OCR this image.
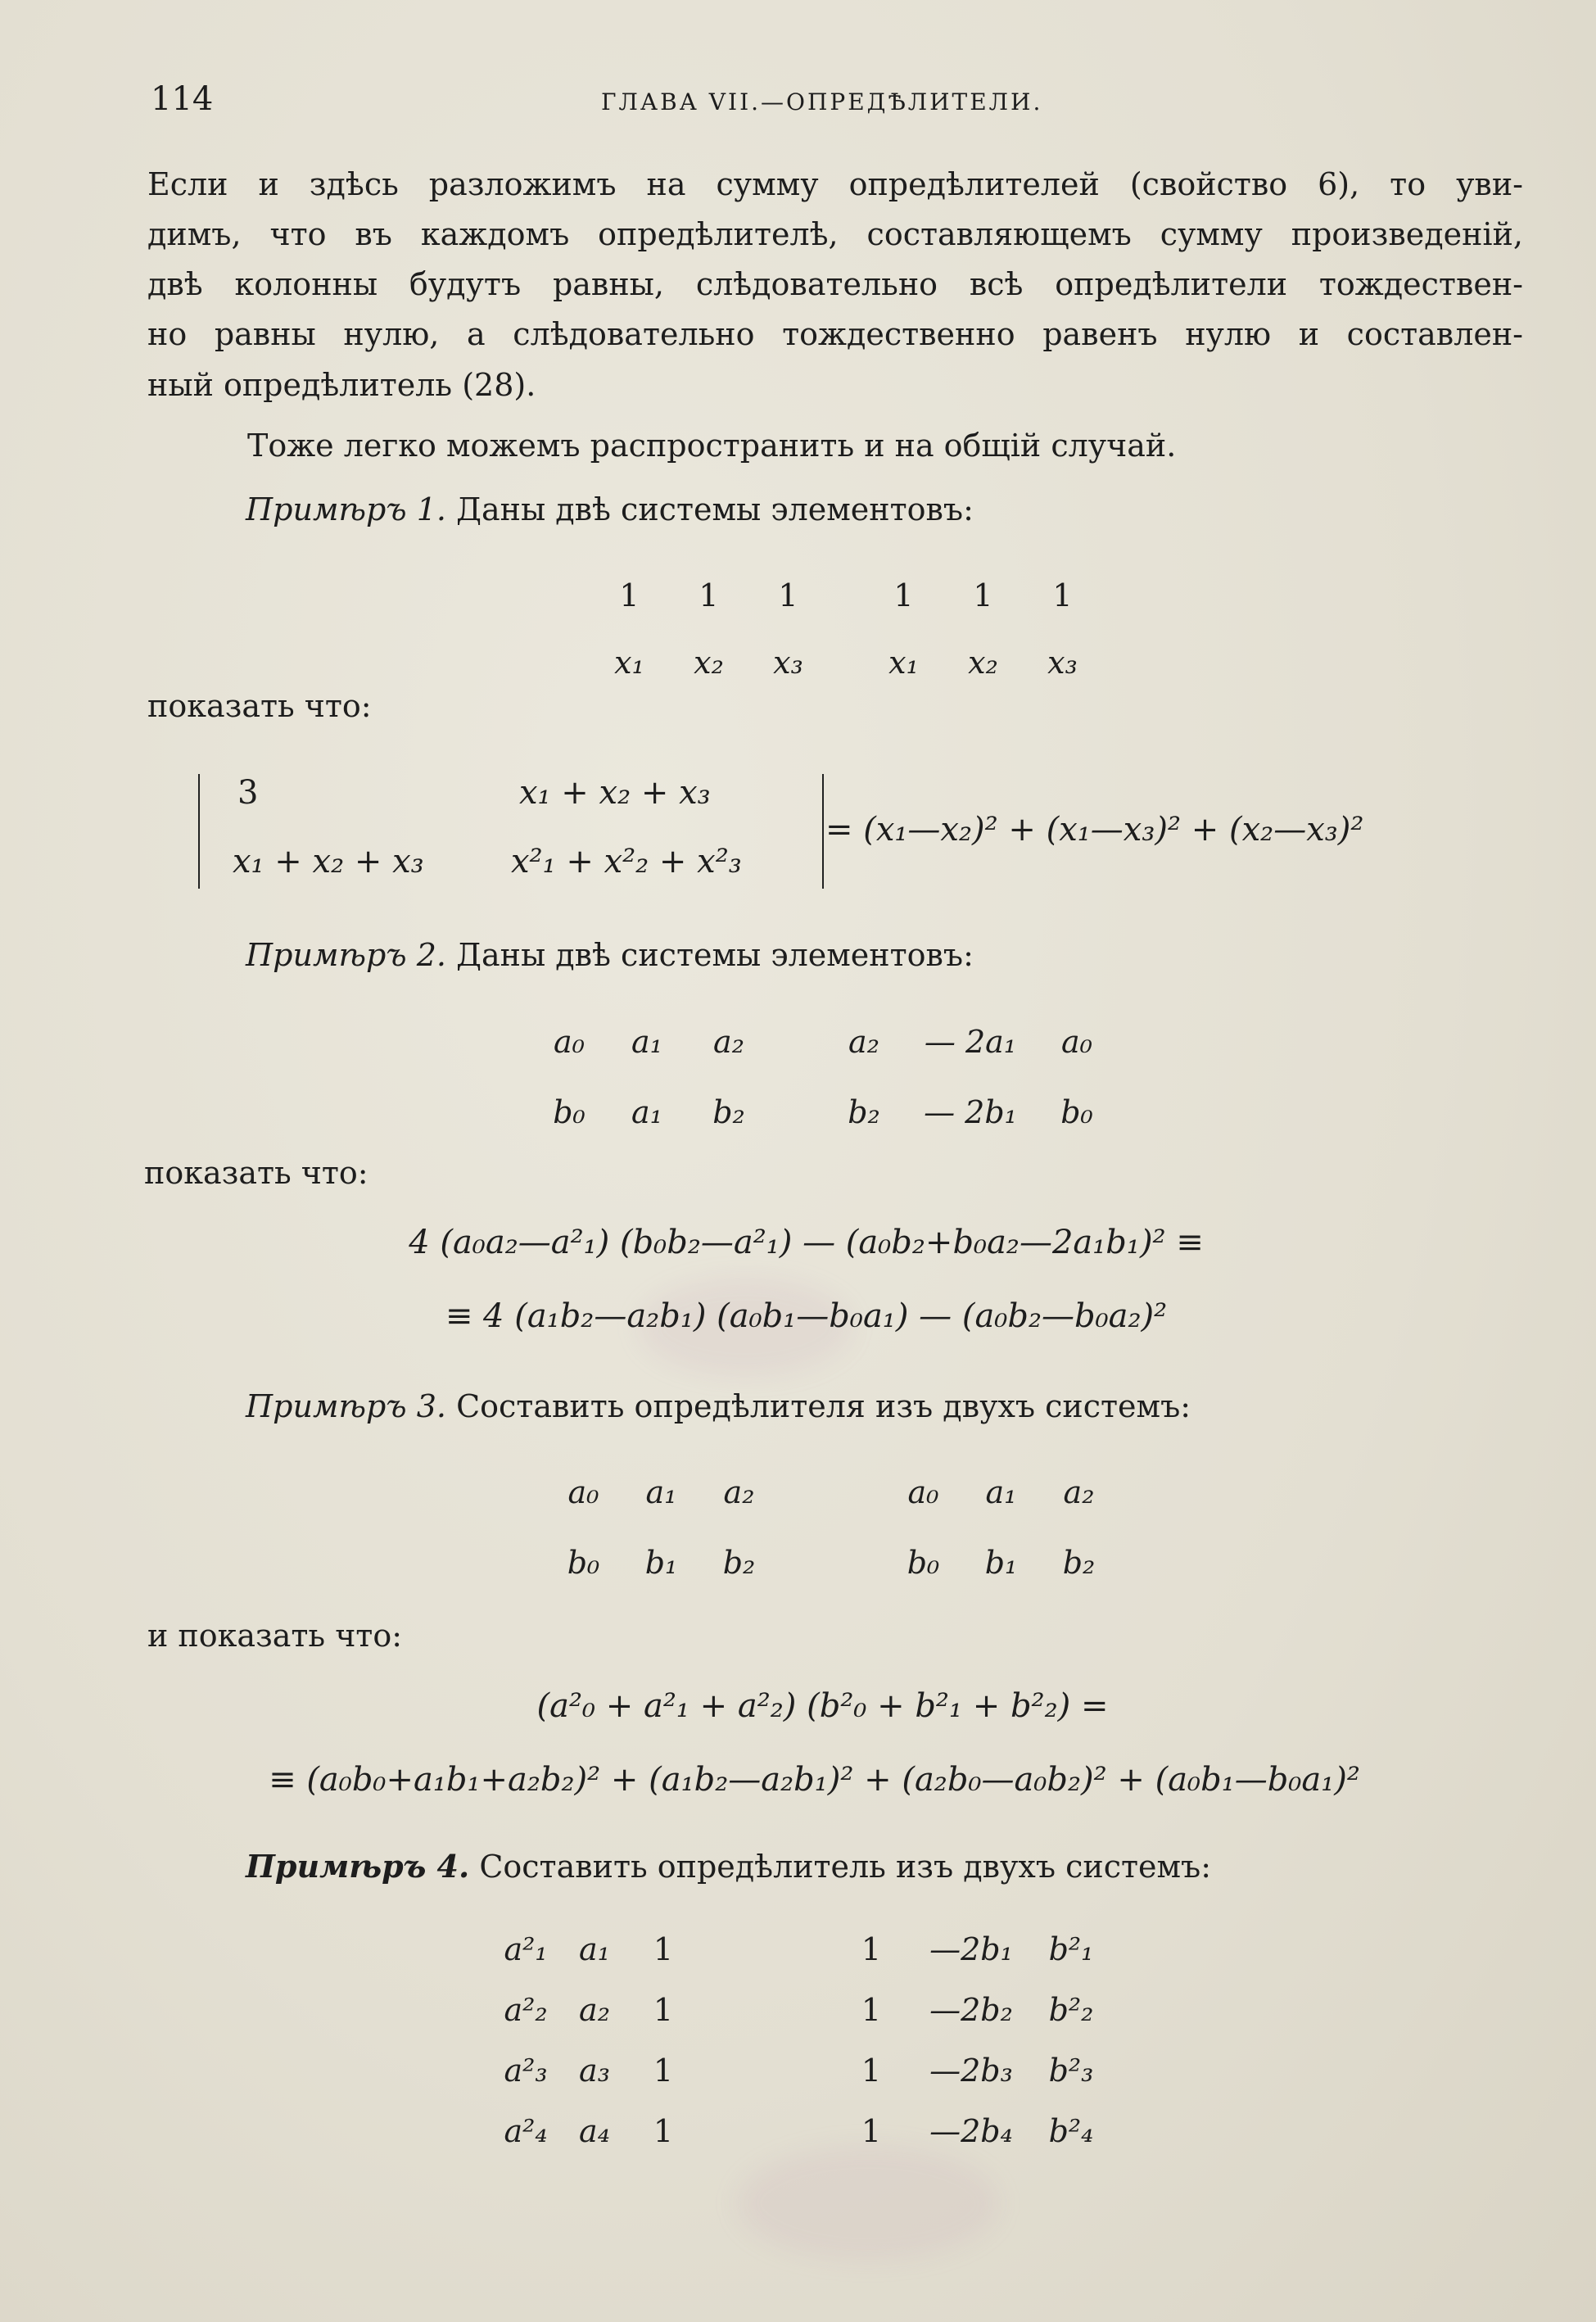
114	ГЛАВА VII.—ОПРЕДѢЛИТЕЛИ.
Если и здѣсь разложимъ на сумму опредѣлителей (свойство 6), то уви-
димъ, что въ каждомъ опредѣлителѣ, составляющемъ сумму произведеній,
двѣ колонны будутъ равны, слѣдовательно всѣ опредѣлители тождествен-
но равны нулю, а слѣдовательно тождественно равенъ нулю и составлен-
ный опредѣлитель (28).
Тоже легко можемъ распространить и на общій случай.
Примѣръ 1. Даны двѣ системы элементовъ:
1	1	1	1	1	1
x₁	x₂	x₃	x₁	x₂	x₃
показать что:
3	x₁ + x₂ + x₃
x₁ + x₂ + x₃	x²₁ + x²₂ + x²₃
= (x₁—x₂)² + (x₁—x₃)² + (x₂—x₃)²
Примѣръ 2. Даны двѣ системы элементовъ:
a₀	a₁	a₂	a₂	— 2a₁	a₀
b₀	a₁	b₂	b₂	— 2b₁	b₀
показать что:
4 (a₀a₂—a²₁) (b₀b₂—a²₁) — (a₀b₂+b₀a₂—2a₁b₁)² ≡
≡ 4 (a₁b₂—a₂b₁) (a₀b₁—b₀a₁) — (a₀b₂—b₀a₂)²
Примѣръ 3. Составить опредѣлителя изъ двухъ системъ:
a₀	a₁	a₂	a₀	a₁	a₂
b₀	b₁	b₂	b₀	b₁	b₂
и показать что:
(a²₀ + a²₁ + a²₂) (b²₀ + b²₁ + b²₂) =
≡ (a₀b₀+a₁b₁+a₂b₂)² + (a₁b₂—a₂b₁)² + (a₂b₀—a₀b₂)² + (a₀b₁—b₀a₁)²
Примѣръ 4. Составить опредѣлитель изъ двухъ системъ:
a²₁	a₁	1	1	—2b₁	b²₁
a²₂	a₂	1	1	—2b₂	b²₂
a²₃	a₃	1	1	—2b₃	b²₃
a²₄	a₄	1	1	—2b₄	b²₄
